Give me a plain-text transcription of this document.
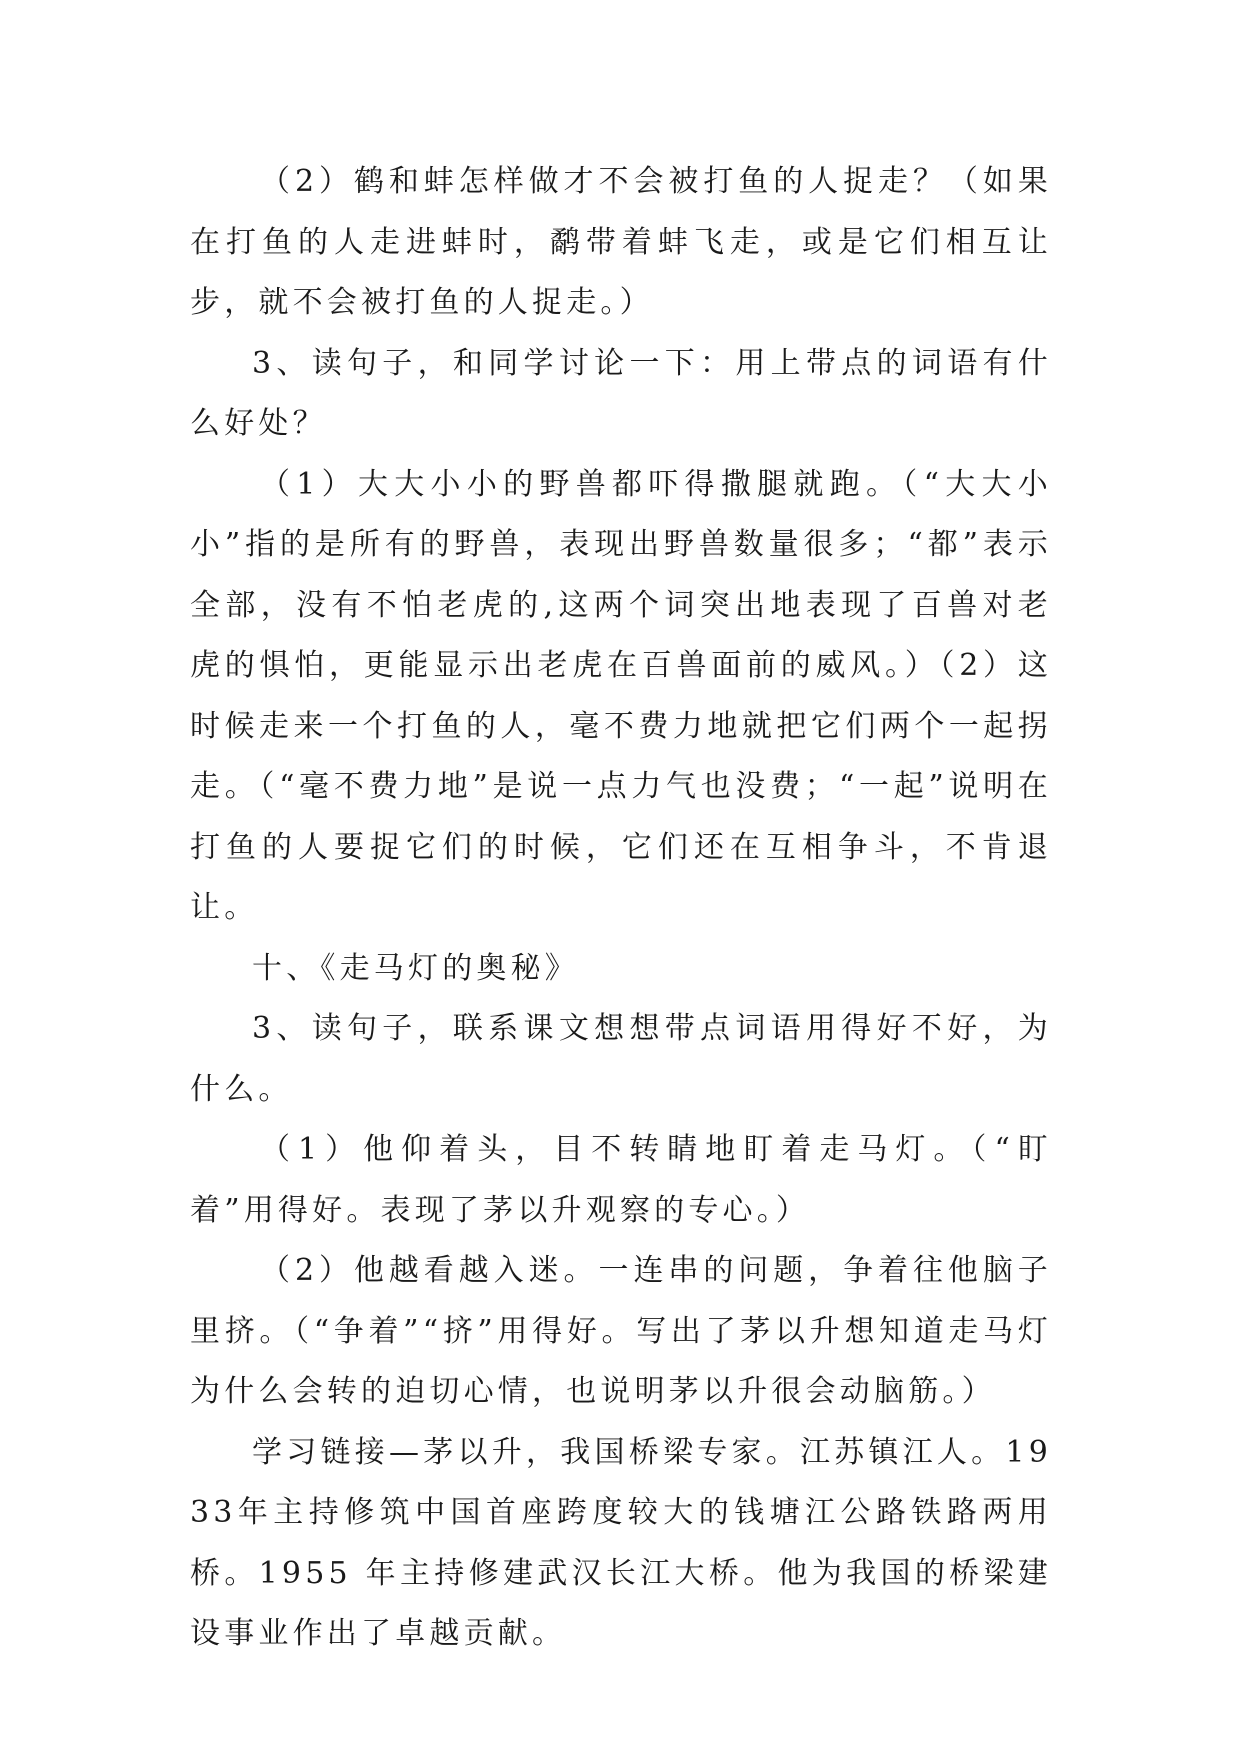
（2）鹤和蚌怎样做才不会被打鱼的人捉走？（如果在打鱼的人走进蚌时，鹬带着蚌飞走，或是它们相互让步，就不会被打鱼的人捉走。）

3、读句子，和同学讨论一下：用上带点的词语有什么好处？

（1）大大小小的野兽都吓得撒腿就跑。（“大大小小”指的是所有的野兽，表现出野兽数量很多；“都”表示全部，没有不怕老虎的,这两个词突出地表现了百兽对老虎的惧怕，更能显示出老虎在百兽面前的威风。）（2）这时候走来一个打鱼的人，毫不费力地就把它们两个一起拐走。（“毫不费力地”是说一点力气也没费；“一起”说明在打鱼的人要捉它们的时候，它们还在互相争斗，不肯退让。

十、《走马灯的奥秘》

3、读句子，联系课文想想带点词语用得好不好，为什么。

（1）他仰着头，目不转睛地盯着走马灯。（“盯着”用得好。表现了茅以升观察的专心。）

（2）他越看越入迷。一连串的问题，争着往他脑子里挤。（“争着”“挤”用得好。写出了茅以升想知道走马灯为什么会转的迫切心情，也说明茅以升很会动脑筋。）

学习链接—茅以升，我国桥梁专家。江苏镇江人。1933年主持修筑中国首座跨度较大的钱塘江公路铁路两用桥。1955 年主持修建武汉长江大桥。他为我国的桥梁建设事业作出了卓越贡献。
